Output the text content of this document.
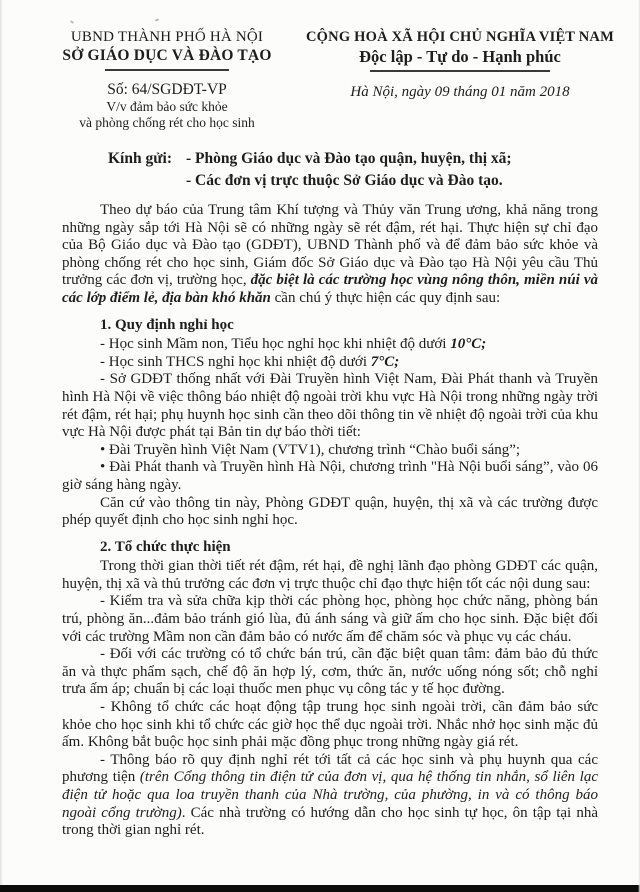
UBND THÀNH PHỐ HÀ NỘI
SỞ GIÁO DỤC VÀ ĐÀO TẠO
Số: 64/SGDĐT-VP
V/v đảm bảo sức khỏe
và phòng chống rét cho học sinh
CỘNG HOÀ XÃ HỘI CHỦ NGHĨA VIỆT NAM
Độc lập - Tự do - Hạnh phúc
Hà Nội, ngày 09 tháng 01 năm 2018
Kính gửi: - Phòng Giáo dục và Đào tạo quận, huyện, thị xã;
- Các đơn vị trực thuộc Sở Giáo dục và Đào tạo.

Theo dự báo của Trung tâm Khí tượng và Thủy văn Trung ương, khả năng trong những ngày sắp tới Hà Nội sẽ có những ngày sẽ rét đậm, rét hại. Thực hiện sự chỉ đạo của Bộ Giáo dục và Đào tạo (GDĐT), UBND Thành phố và để đảm bảo sức khỏe và phòng chống rét cho học sinh, Giám đốc Sở Giáo dục và Đào tạo Hà Nội yêu cầu Thủ trưởng các đơn vị, trường học, đặc biệt là các trường học vùng nông thôn, miền núi và các lớp điểm lẻ, địa bàn khó khăn cần chú ý thực hiện các quy định sau:

1. Quy định nghỉ học

- Học sinh Mầm non, Tiểu học nghỉ học khi nhiệt độ dưới 10°C;

- Học sinh THCS nghỉ học khi nhiệt độ dưới 7°C;

- Sở GDĐT thống nhất với Đài Truyền hình Việt Nam, Đài Phát thanh và Truyền hình Hà Nội về việc thông báo nhiệt độ ngoài trời khu vực Hà Nội trong những ngày trời rét đậm, rét hại; phụ huynh học sinh cần theo dõi thông tin về nhiệt độ ngoài trời của khu vực Hà Nội được phát tại Bản tin dự báo thời tiết:

• Đài Truyền hình Việt Nam (VTV1), chương trình “Chào buổi sáng”;

• Đài Phát thanh và Truyền hình Hà Nội, chương trình "Hà Nội buổi sáng”, vào 06 giờ sáng hàng ngày.

Căn cứ vào thông tin này, Phòng GDĐT quận, huyện, thị xã và các trường được phép quyết định cho học sinh nghỉ học.

2. Tổ chức thực hiện

Trong thời gian thời tiết rét đậm, rét hại, đề nghị lãnh đạo phòng GDĐT các quận, huyện, thị xã và thủ trưởng các đơn vị trực thuộc chỉ đạo thực hiện tốt các nội dung sau:

- Kiểm tra và sửa chữa kịp thời các phòng học, phòng học chức năng, phòng bán trú, phòng ăn...đảm bảo tránh gió lùa, đủ ánh sáng và giữ ấm cho học sinh. Đặc biệt đối với các trường Mầm non cần đảm bảo có nước ấm để chăm sóc và phục vụ các cháu.

- Đối với các trường có tổ chức bán trú, cần đặc biệt quan tâm: đảm bảo đủ thức ăn và thực phẩm sạch, chế độ ăn hợp lý, cơm, thức ăn, nước uống nóng sốt; chỗ nghỉ trưa ấm áp; chuẩn bị các loại thuốc men phục vụ công tác y tế học đường.

- Không tổ chức các hoạt động tập trung học sinh ngoài trời, cần đảm bảo sức khỏe cho học sinh khi tổ chức các giờ học thể dục ngoài trời. Nhắc nhở học sinh mặc đủ ấm. Không bắt buộc học sinh phải mặc đồng phục trong những ngày giá rét.

- Thông báo rõ quy định nghỉ rét tới tất cả các học sinh và phụ huynh qua các phương tiện (trên Cổng thông tin điện tử của đơn vị, qua hệ thống tin nhắn, sổ liên lạc điện tử hoặc qua loa truyền thanh của Nhà trường, của phường, in và có thông báo ngoài cổng trường). Các nhà trường có hướng dẫn cho học sinh tự học, ôn tập tại nhà trong thời gian nghỉ rét.
